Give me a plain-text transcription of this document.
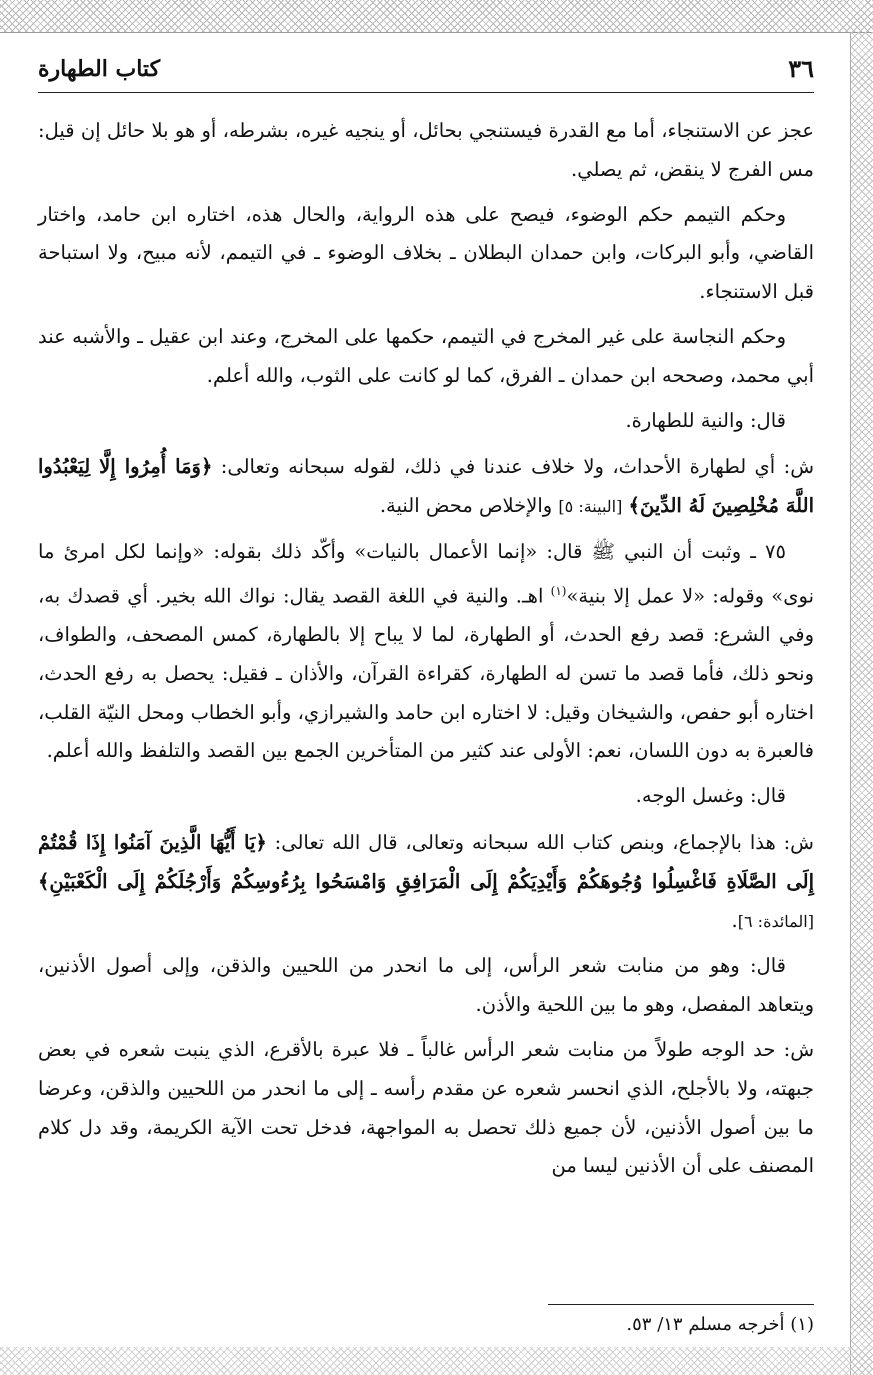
٣٦
كتاب الطهارة

عجز عن الاستنجاء، أما مع القدرة فيستنجي بحائل، أو ينجيه غيره، بشرطه، أو هو بلا حائل إن قيل: مس الفرج لا ينقض، ثم يصلي.

وحكم التيمم حكم الوضوء، فيصح على هذه الرواية، والحال هذه، اختاره ابن حامد، واختار القاضي، وأبو البركات، وابن حمدان البطلان ـ بخلاف الوضوء ـ في التيمم، لأنه مبيح، ولا استباحة قبل الاستنجاء.

وحكم النجاسة على غير المخرج في التيمم، حكمها على المخرج، وعند ابن عقيل ـ والأشبه عند أبي محمد، وصححه ابن حمدان ـ الفرق، كما لو كانت على الثوب، والله أعلم.

قال: والنية للطهارة.

ش: أي لطهارة الأحداث، ولا خلاف عندنا في ذلك، لقوله سبحانه وتعالى: ﴿وَمَا أُمِرُوا إِلَّا لِيَعْبُدُوا اللَّهَ مُخْلِصِينَ لَهُ الدِّينَ﴾ [البينة: ٥] والإخلاص محض النية.

٧٥ ـ وثبت أن النبي ﷺ قال: «إنما الأعمال بالنيات» وأكّد ذلك بقوله: «وإنما لكل امرئ ما نوى» وقوله: «لا عمل إلا بنية»$^{(١)}$ اهـ. والنية في اللغة القصد يقال: نواك الله بخير. أي قصدك به، وفي الشرع: قصد رفع الحدث، أو الطهارة، لما لا يباح إلا بالطهارة، كمس المصحف، والطواف، ونحو ذلك، فأما قصد ما تسن له الطهارة، كقراءة القرآن، والأذان ـ فقيل: يحصل به رفع الحدث، اختاره أبو حفص، والشيخان وقيل: لا اختاره ابن حامد والشيرازي، وأبو الخطاب ومحل النيّة القلب، فالعبرة به دون اللسان، نعم: الأولى عند كثير من المتأخرين الجمع بين القصد والتلفظ والله أعلم.

قال: وغسل الوجه.

ش: هذا بالإجماع، وبنص كتاب الله سبحانه وتعالى، قال الله تعالى: ﴿يَا أَيُّهَا الَّذِينَ آمَنُوا إِذَا قُمْتُمْ إِلَى الصَّلَاةِ فَاغْسِلُوا وُجُوهَكُمْ وَأَيْدِيَكُمْ إِلَى الْمَرَافِقِ وَامْسَحُوا بِرُءُوسِكُمْ وَأَرْجُلَكُمْ إِلَى الْكَعْبَيْنِ﴾ [المائدة: ٦].

قال: وهو من منابت شعر الرأس، إلى ما انحدر من اللحيين والذقن، وإلى أصول الأذنين، ويتعاهد المفصل، وهو ما بين اللحية والأذن.

ش: حد الوجه طولاً من منابت شعر الرأس غالباً ـ فلا عبرة بالأقرع، الذي ينبت شعره في بعض جبهته، ولا بالأجلح، الذي انحسر شعره عن مقدم رأسه ـ إلى ما انحدر من اللحيين والذقن، وعرضا ما بين أصول الأذنين، لأن جميع ذلك تحصل به المواجهة، فدخل تحت الآية الكريمة، وقد دل كلام المصنف على أن الأذنين ليسا من

(١) أخرجه مسلم ١٣/ ٥٣.
